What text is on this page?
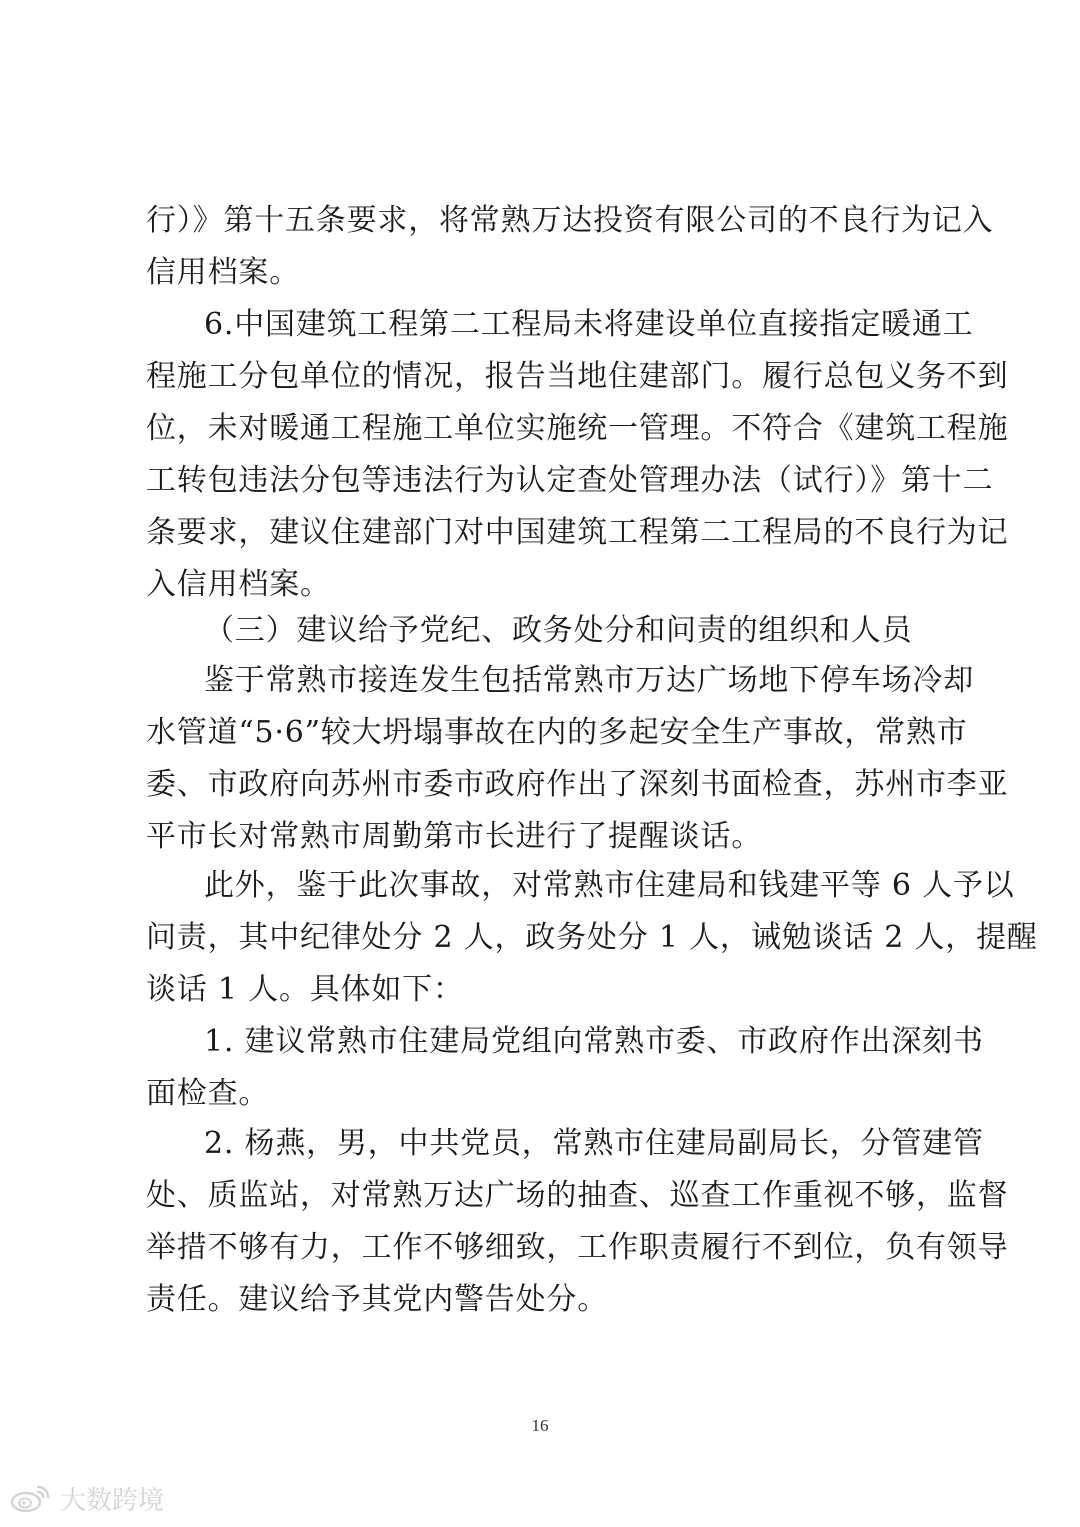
行）》第十五条要求，将常熟万达投资有限公司的不良行为记入
信用档案。
6.中国建筑工程第二工程局未将建设单位直接指定暖通工
程施工分包单位的情况，报告当地住建部门。履行总包义务不到
位，未对暖通工程施工单位实施统一管理。不符合《建筑工程施
工转包违法分包等违法行为认定查处管理办法（试行）》第十二
条要求，建议住建部门对中国建筑工程第二工程局的不良行为记
入信用档案。
（三）建议给予党纪、政务处分和问责的组织和人员
鉴于常熟市接连发生包括常熟市万达广场地下停车场冷却
水管道“5·6”较大坍塌事故在内的多起安全生产事故，常熟市
委、市政府向苏州市委市政府作出了深刻书面检查，苏州市李亚
平市长对常熟市周勤第市长进行了提醒谈话。
此外，鉴于此次事故，对常熟市住建局和钱建平等 6 人予以
问责，其中纪律处分 2 人，政务处分 1 人，诫勉谈话 2 人，提醒
谈话 1 人。具体如下：
1. 建议常熟市住建局党组向常熟市委、市政府作出深刻书
面检查。
2. 杨燕，男，中共党员，常熟市住建局副局长，分管建管
处、质监站，对常熟万达广场的抽查、巡查工作重视不够，监督
举措不够有力，工作不够细致，工作职责履行不到位，负有领导
责任。建议给予其党内警告处分。
16
大数跨境
